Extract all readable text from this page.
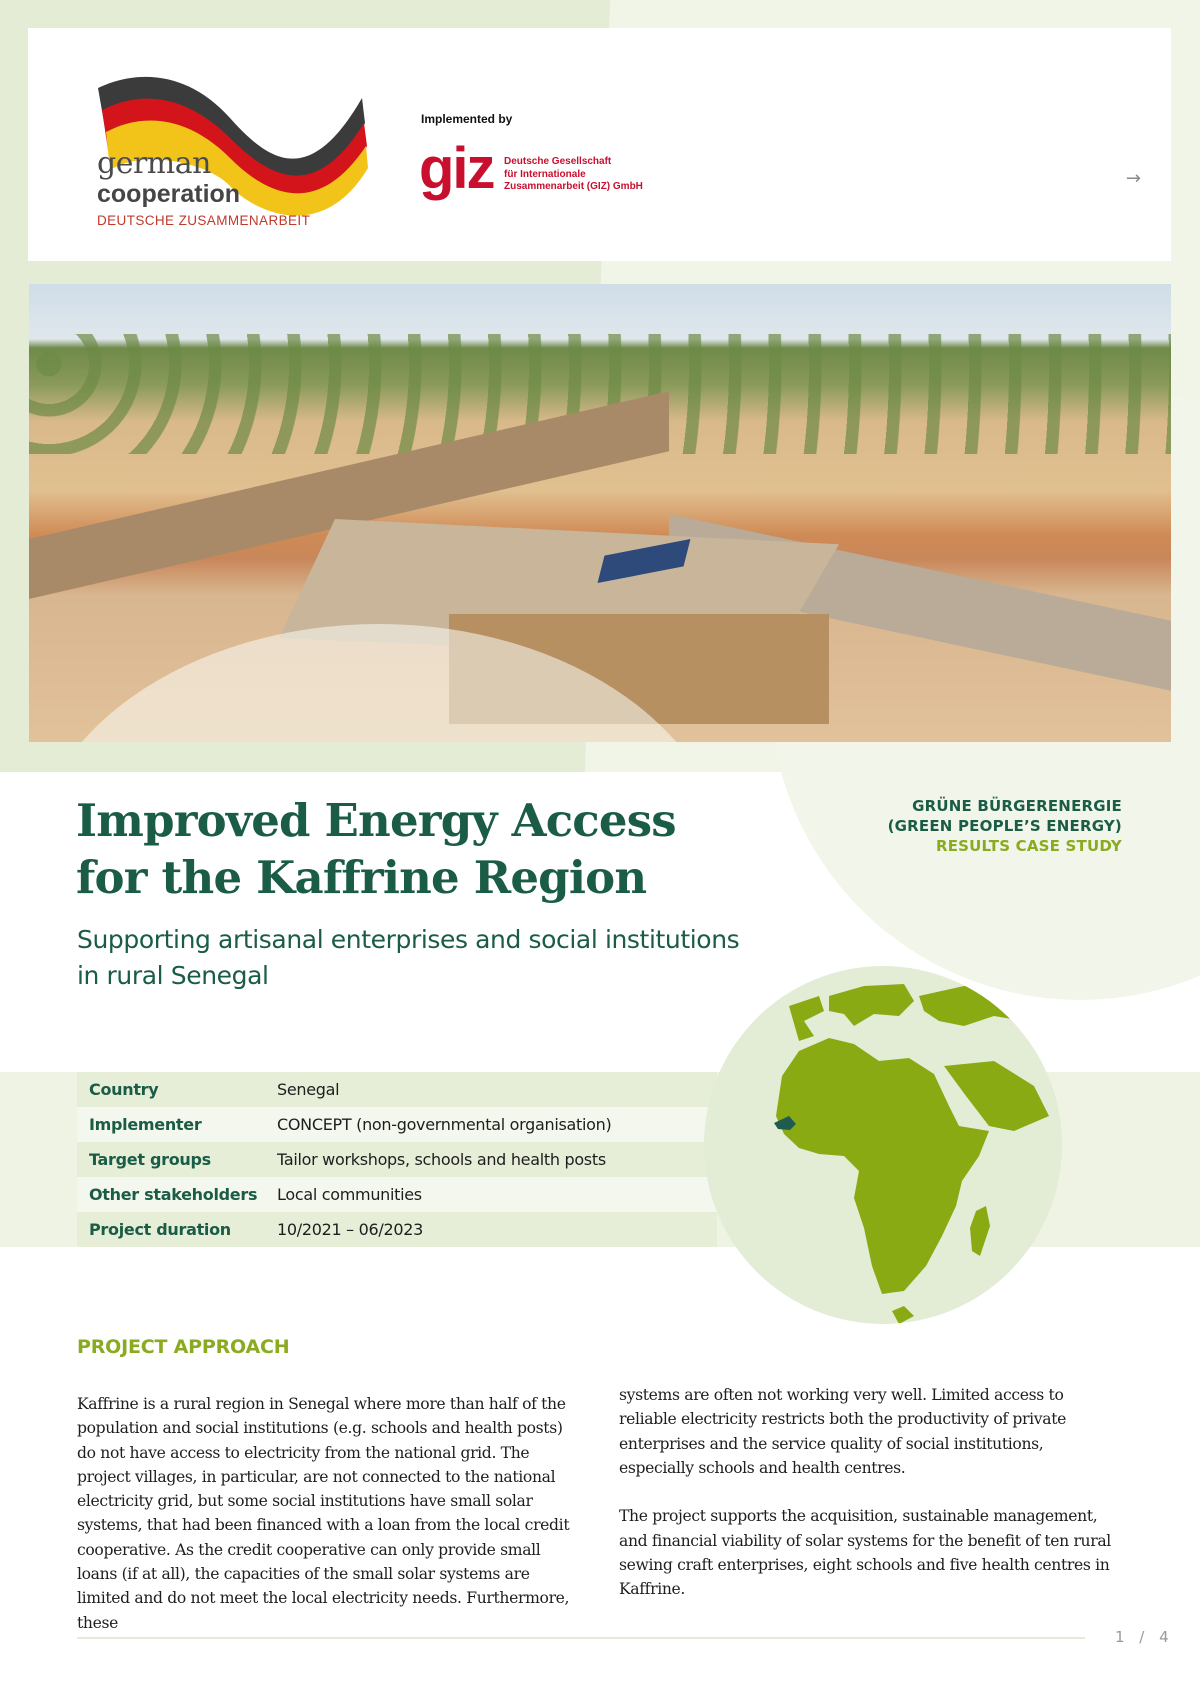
german
cooperation
DEUTSCHE ZUSAMMENARBEIT
Implemented by
giz Deutsche Gesellschaft
für Internationale
Zusammenarbeit (GIZ) GmbH	→
Improved Energy Access
for the Kaffrine Region
Supporting artisanal enterprises and social institutions
in rural Senegal
GRÜNE BÜRGERENERGIE
(GREEN PEOPLE’S ENERGY)
RESULTS CASE STUDY
Country	Senegal
Implementer	CONCEPT (non-governmental organisation)
Target groups	Tailor workshops, schools and health posts
Other stakeholders	Local communities
Project duration	10/2021 – 06/2023
PROJECT APPROACH

Kaffrine is a rural region in Senegal where more than half of the population and social institutions (e.g. schools and health posts) do not have access to electricity from the national grid. The project villages, in particular, are not connected to the national electricity grid, but some social institutions have small solar systems, that had been financed with a loan from the local credit cooperative. As the credit cooperative can only provide small loans (if at all), the capacities of the small solar systems are limited and do not meet the local electricity needs. Furthermore, these

systems are often not working very well. Limited access to reliable electricity restricts both the productivity of private enterprises and the service quality of social institutions, especially schools and health centres.

The project supports the acquisition, sustainable management, and financial viability of solar systems for the benefit of ten rural sewing craft enterprises, eight schools and five health centres in Kaffrine.

1 / 4
